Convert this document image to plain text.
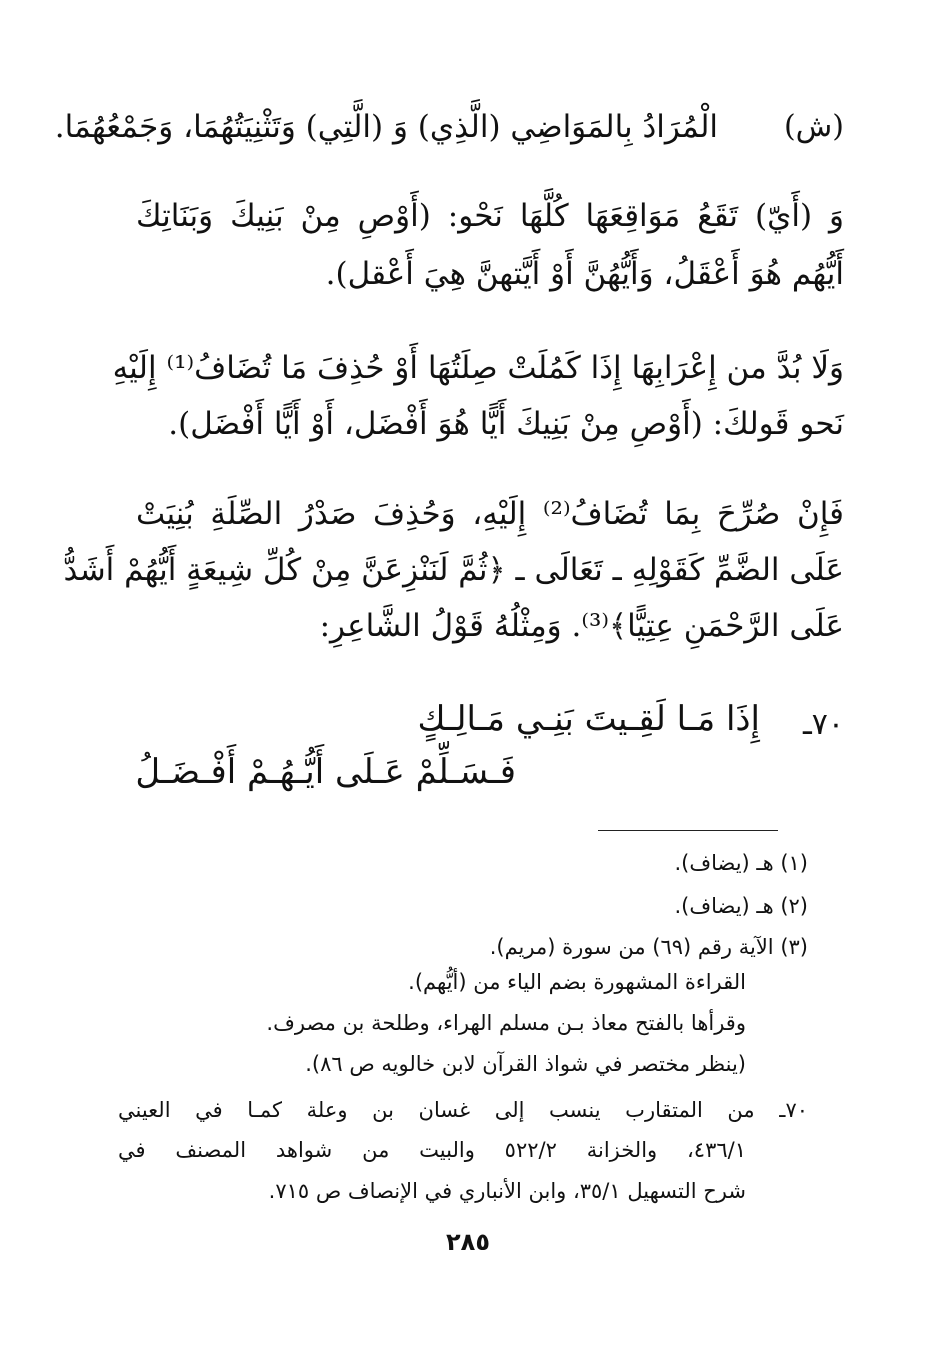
(ش)
الْمُرَادُ بِالمَوَاضِي (الَّذِي) وَ (الَّتِي) وَتَثْنِيَتُهُمَا، وَجَمْعُهُمَا.
وَ (أَيّ) تَقَعُ مَوَاقِعَهَا كُلَّهَا نَحْو: (أَوْصِ مِنْ بَنِيكَ وَبَنَاتِكَ
أَيُّهُم هُوَ أَعْقَلُ، وَأَيُّهُنَّ أَوْ أَيَّتهنَّ هِيَ أَعْقل).
وَلَا بُدَّ من إِعْرَابِهَا إِذَا كَمُلَتْ صِلَتُهَا أَوْ حُذِفَ مَا تُضَافُ⁽¹⁾ إِلَيْهِ
نَحو قَولكَ: (أَوْصِ مِنْ بَنِيكَ أَيًّا هُوَ أَفْضَل، أَوْ أَيًّا أَفْضَل).
فَإِنْ صُرِّحَ بِمَا تُضَافُ⁽²⁾ إِلَيْهِ، وَحُذِفَ صَدْرُ الصِّلَةِ بُنِيَتْ
عَلَى الضَّمِّ كَقَوْلِهِ ـ تَعَالَى ـ ﴿ثُمَّ لَنَنْزِعَنَّ مِنْ كُلِّ شِيعَةٍ أَيُّهُمْ أَشَدُّ
عَلَى الرَّحْمَنِ عِتِيًّا﴾⁽³⁾. وَمِثْلُهُ قَوْلُ الشَّاعِرِ:
٧٠ـ
إِذَا مَـا لَقِـيتَ بَنِـي مَـالِـكٍ
فَـسَـلِّمْ عَـلَى أَيُّـهُـمْ أَفْـضَـلُ
(١) هـ (يضاف).
(٢) هـ (يضاف).
(٣) الآية رقم (٦٩) من سورة (مريم).
القراءة المشهورة بضم الياء من (أيُّهم).
وقرأها بالفتح معاذ بـن مسلم الهراء، وطلحة بن مصرف.
(ينظر مختصر في شواذ القرآن لابن خالويه ص ٨٦).
٧٠ـ من المتقارب ينسب إلى غسان بن وعلة كمـا في العيني
٤٣٦/١، والخزانة ٥٢٢/٢ والبيت من شواهد المصنف في
شرح التسهيل ٣٥/١، وابن الأنباري في الإنصاف ص ٧١٥.
٢٨٥
